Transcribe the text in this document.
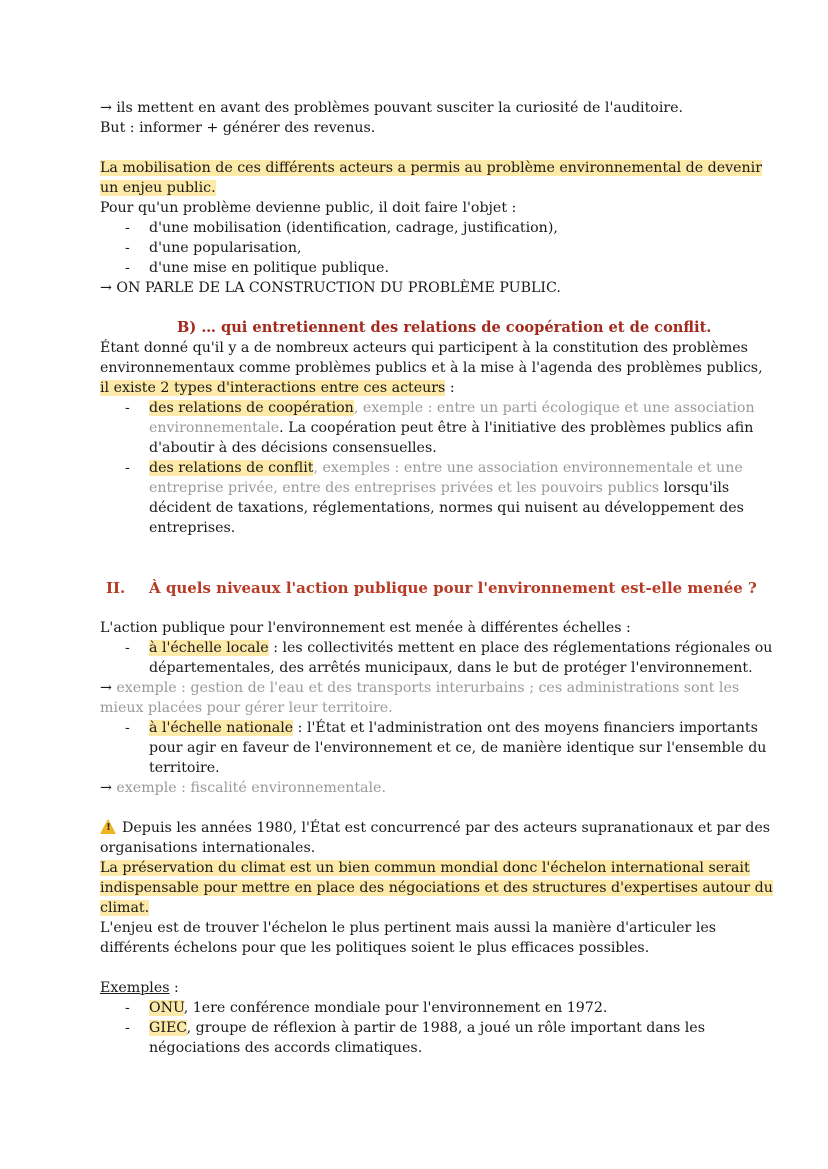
→ ils mettent en avant des problèmes pouvant susciter la curiosité de l'auditoire.
But : informer + générer des revenus.
La mobilisation de ces différents acteurs a permis au problème environnemental de devenir
un enjeu public.
Pour qu'un problème devienne public, il doit faire l'objet :
- d'une mobilisation (identification, cadrage, justification),
- d'une popularisation,
- d'une mise en politique publique.
→ ON PARLE DE LA CONSTRUCTION DU PROBLÈME PUBLIC.
B) … qui entretiennent des relations de coopération et de conflit.
Étant donné qu'il y a de nombreux acteurs qui participent à la constitution des problèmes
environnementaux comme problèmes publics et à la mise à l'agenda des problèmes publics,
il existe 2 types d'interactions entre ces acteurs :
- des relations de coopération, exemple : entre un parti écologique et une association
environnementale. La coopération peut être à l'initiative des problèmes publics afin
d'aboutir à des décisions consensuelles.
- des relations de conflit, exemples : entre une association environnementale et une
entreprise privée, entre des entreprises privées et les pouvoirs publics lorsqu'ils
décident de taxations, réglementations, normes qui nuisent au développement des
entreprises.
II. À quels niveaux l'action publique pour l'environnement est-elle menée ?
L'action publique pour l'environnement est menée à différentes échelles :
- à l'échelle locale : les collectivités mettent en place des réglementations régionales ou
départementales, des arrêtés municipaux, dans le but de protéger l'environnement.
→ exemple : gestion de l'eau et des transports interurbains ; ces administrations sont les
mieux placées pour gérer leur territoire.
- à l'échelle nationale : l'État et l'administration ont des moyens financiers importants
pour agir en faveur de l'environnement et ce, de manière identique sur l'ensemble du
territoire.
→ exemple : fiscalité environnementale.
! Depuis les années 1980, l'État est concurrencé par des acteurs supranationaux et par des
organisations internationales.
La préservation du climat est un bien commun mondial donc l'échelon international serait
indispensable pour mettre en place des négociations et des structures d'expertises autour du
climat.
L'enjeu est de trouver l'échelon le plus pertinent mais aussi la manière d'articuler les
différents échelons pour que les politiques soient le plus efficaces possibles.
Exemples :
- ONU, 1ere conférence mondiale pour l'environnement en 1972.
- GIEC, groupe de réflexion à partir de 1988, a joué un rôle important dans les
négociations des accords climatiques.
